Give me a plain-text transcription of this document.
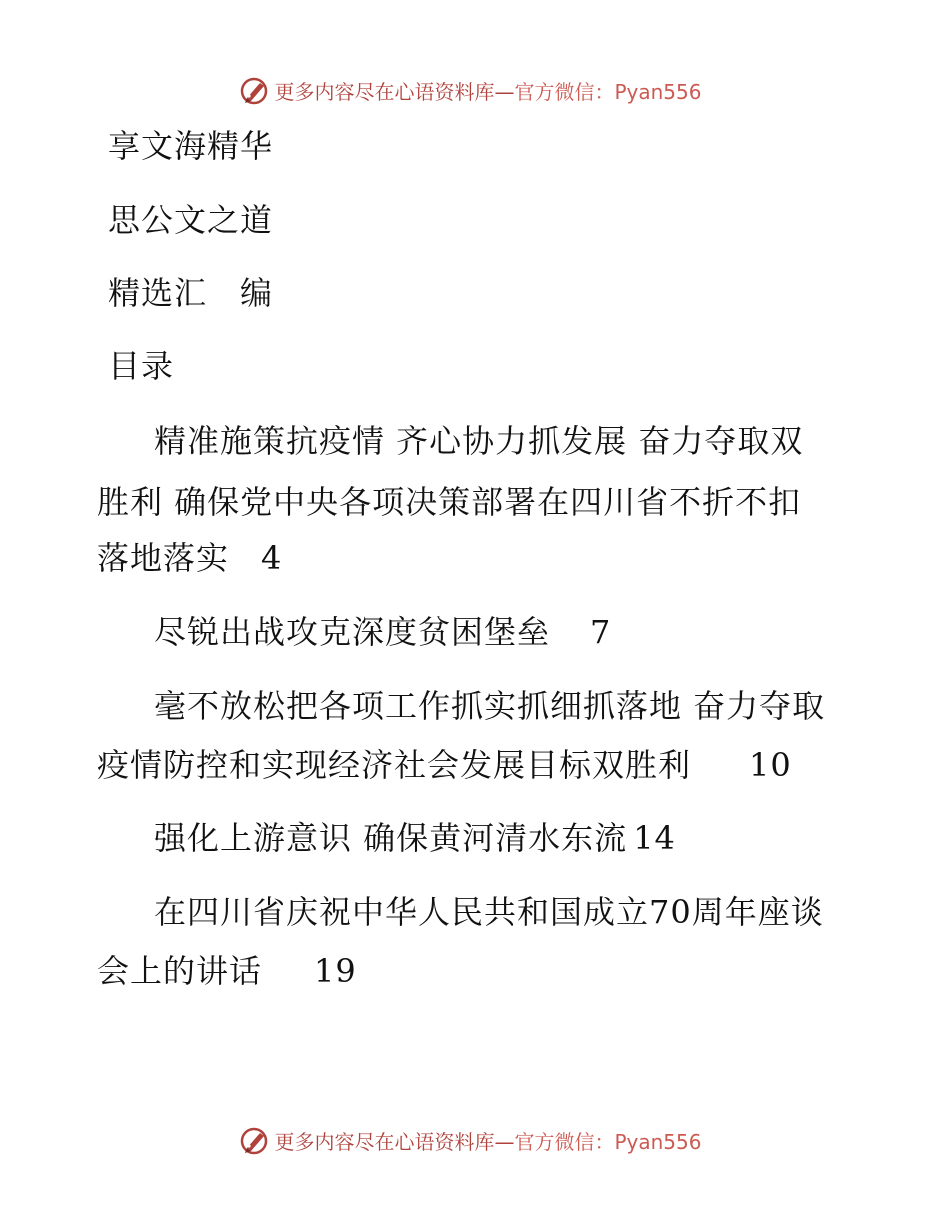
更多内容尽在心语资料库—官方微信：Pyan556
享文海精华
思公文之道
精选汇　编
目录
精准施策抗疫情 齐心协力抓发展 奋力夺取双
胜利 确保党中央各项决策部署在四川省不折不扣
落地落实 4
尽锐出战攻克深度贫困堡垒 7
毫不放松把各项工作抓实抓细抓落地 奋力夺取
疫情防控和实现经济社会发展目标双胜利 10
强化上游意识 确保黄河清水东流 14
在四川省庆祝中华人民共和国成立70周年座谈
会上的讲话 19
更多内容尽在心语资料库—官方微信：Pyan556
